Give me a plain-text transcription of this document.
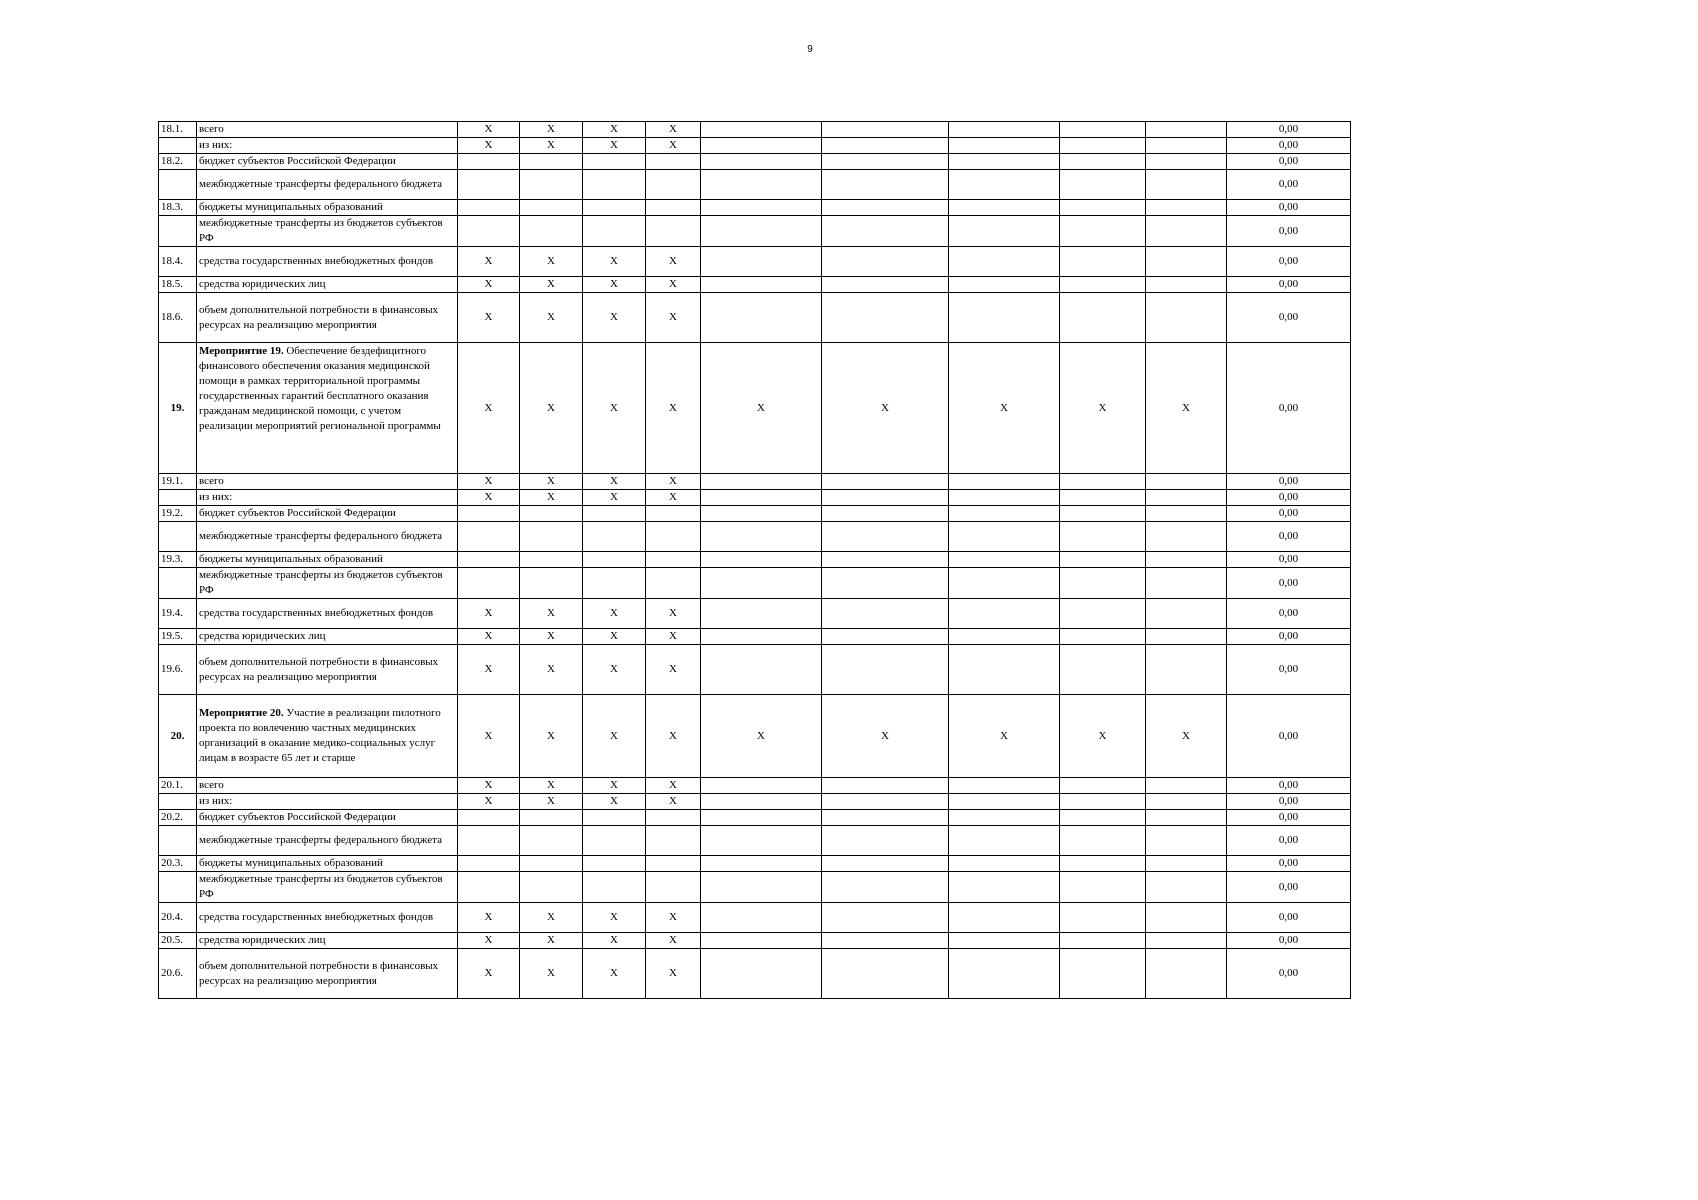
9
18.1.	всего	X	X	X	X						0,00
	из них:	X	X	X	X						0,00
18.2.	бюджет субъектов Российской Федерации										0,00
	межбюджетные трансферты федерального бюджета										0,00
18.3.	бюджеты муниципальных образований										0,00
	межбюджетные трансферты из бюджетов субъектов РФ										0,00
18.4.	средства государственных внебюджетных фондов	X	X	X	X						0,00
18.5.	средства юридических лиц	X	X	X	X						0,00
18.6.	объем дополнительной потребности в финансовых ресурсах на реализацию мероприятия	X	X	X	X						0,00
19.	Мероприятие 19. Обеспечение бездефицитного финансового обеспечения оказания медицинской помощи в рамках территориальной программы государственных гарантий бесплатного оказания гражданам медицинской помощи, с учетом реализации мероприятий региональной программы	X	X	X	X	X	X	X	X	X	0,00
19.1.	всего	X	X	X	X						0,00
	из них:	X	X	X	X						0,00
19.2.	бюджет субъектов Российской Федерации										0,00
	межбюджетные трансферты федерального бюджета										0,00
19.3.	бюджеты муниципальных образований										0,00
	межбюджетные трансферты из бюджетов субъектов РФ										0,00
19.4.	средства государственных внебюджетных фондов	X	X	X	X						0,00
19.5.	средства юридических лиц	X	X	X	X						0,00
19.6.	объем дополнительной потребности в финансовых ресурсах на реализацию мероприятия	X	X	X	X						0,00
20.	Мероприятие 20. Участие в реализации пилотного проекта по вовлечению частных медицинских организаций в оказание медико-социальных услуг лицам в возрасте 65 лет и старше	X	X	X	X	X	X	X	X	X	0,00
20.1.	всего	X	X	X	X						0,00
	из них:	X	X	X	X						0,00
20.2.	бюджет субъектов Российской Федерации										0,00
	межбюджетные трансферты федерального бюджета										0,00
20.3.	бюджеты муниципальных образований										0,00
	межбюджетные трансферты из бюджетов субъектов РФ										0,00
20.4.	средства государственных внебюджетных фондов	X	X	X	X						0,00
20.5.	средства юридических лиц	X	X	X	X						0,00
20.6.	объем дополнительной потребности в финансовых ресурсах на реализацию мероприятия	X	X	X	X						0,00
